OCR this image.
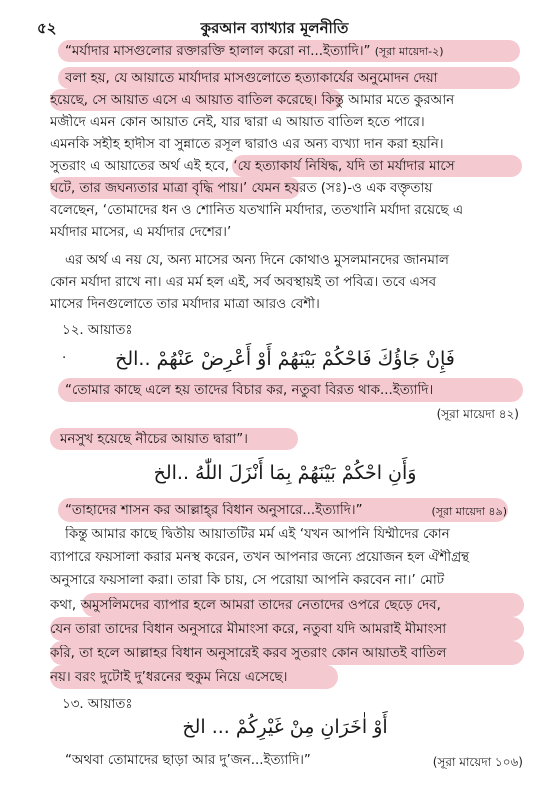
৫২	কুরআন ব্যাখ্যার মূলনীতি
“মর্যাদার মাসগুলোর রক্তারক্তি হালাল করো না...ইত্যাদি।” (সূরা মায়েদা-২)
বলা হয়, যে আয়াতে মার্যাদার মাসগুলোতে হত্যাকার্যের অনুমোদন দেয়া
হয়েছে, সে আয়াত এসে এ আয়াত বাতিল করেছে। কিন্তু আমার মতে কুরআন
মজীদে এমন কোন আয়াত নেই, যার দ্বারা এ আয়াত বাতিল হতে পারে।
এমনকি সহীহ হাদীস বা সুন্নাতে রসূল দ্বারাও এর অন্য ব্যখ্যা দান করা হয়নি।
সুতরাং এ আয়াতের অর্থ এই হবে, ‘যে হত্যাকার্য নিষিদ্ধ, যদি তা মর্যাদার মাসে
ঘটে, তার জঘন্যতার মাত্রা বৃদ্ধি পায়।’ যেমন হযরত (সঃ)-ও এক বক্তৃতায়
বলেছেন, ‘তোমাদের ধন ও শোনিত যতখানি মর্যাদার, ততখানি মর্যাদা রয়েছে এ
মর্যাদার মাসের, এ মর্যাদার দেশের।’
এর অর্থ এ নয় যে, অন্য মাসের অন্য দিনে কোথাও মুসলমানদের জানমাল
কোন মর্যাদা রাখে না। এর মর্ম হল এই, সর্ব অবস্থায়ই তা পবিত্র। তবে এসব
মাসের দিনগুলোতে তার মর্যাদার মাত্রা আরও বেশী।
১২. আয়াতঃ
فَإِنْ جَاؤُكَ فَاحْكُمْ بَيْنَهُمْ أَوْ أَعْرِضْ عَنْهُمْ ..الخ
·
“তোমার কাছে এলে হয় তাদের বিচার কর, নতুবা বিরত থাক...ইত্যাদি।
(সূরা মায়েদা ৪২)
মনসুখ হয়েছে নীচের আয়াত দ্বারা”।
وَأَنِ احْكُمْ بَيْنَهُمْ بِمَا أَنْزَلَ اللّٰهُ ..الخ
“তাহাদের শাসন কর আল্লাহ্‌র বিধান অনুসারে...ইত্যাদি।”	(সূরা মায়েদা ৪৯)
কিন্তু আমার কাছে দ্বিতীয় আয়াতটির মর্ম এই ‘যখন আপনি যিম্মীদের কোন
ব্যাপারে ফয়সালা করার মনস্থ করেন, তখন আপনার জন্যে প্রয়োজন হল ঐশীগ্রন্থ
অনুসারে ফয়সালা করা। তারা কি চায়, সে পরোয়া আপনি করবেন না।’ মোট
কথা, অমুসলিমদের ব্যাপার হলে আমরা তাদের নেতাদের ওপরে ছেড়ে দেব,
যেন তারা তাদের বিধান অনুসারে মীমাংসা করে, নতুবা যদি আমরাই মীমাংসা
করি, তা হলে আল্লাহর বিধান অনুসারেই করব সুতরাং কোন আয়াতই বাতিল
নয়। বরং দুটোই দু’ধরনের হুকুম নিয়ে এসেছে।
১৩. আয়াতঃ
أَوْ اٰخَرَانِ مِنْ غَيْرِكُمْ ... الخ
“অথবা তোমাদের ছাড়া আর দু’জন...ইত্যাদি।”	(সূরা মায়েদা ১০৬)
